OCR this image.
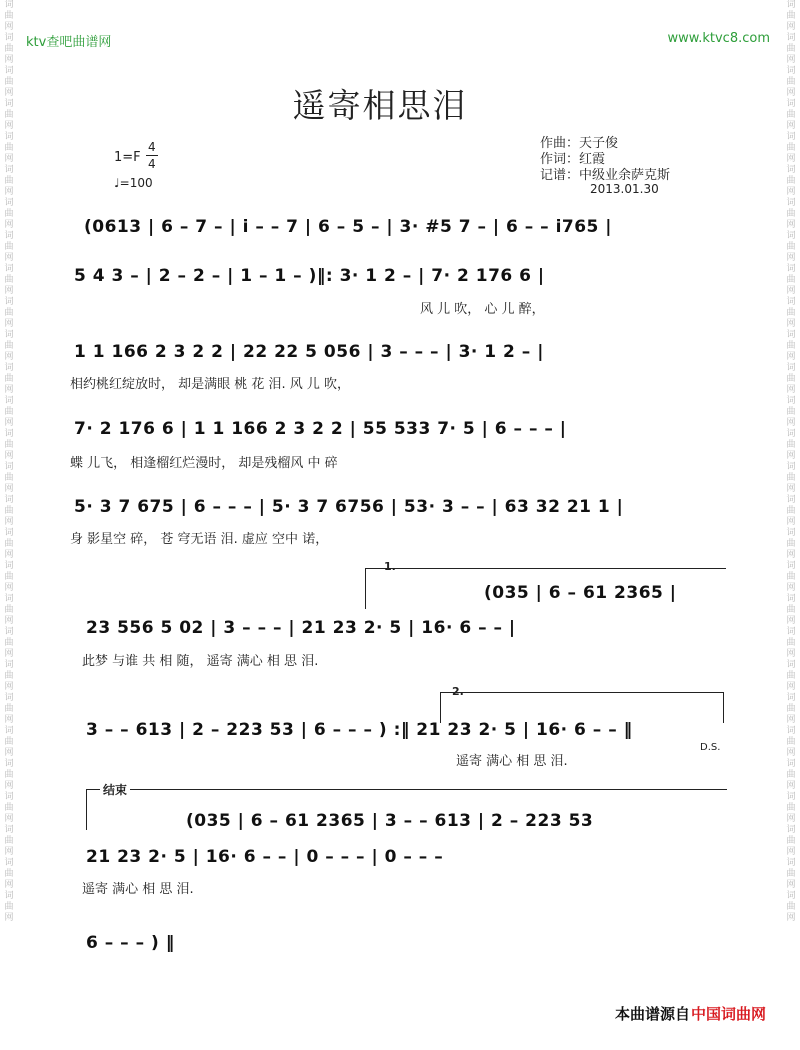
词
曲
网
词
曲
网
词
曲
网
词
曲
网
词
曲
网
词
曲
网
词
曲
网
词
曲
网
词
曲
网
词
曲
网
词
曲
网
词
曲
网
词
曲
网
词
曲
网
词
曲
网
词
曲
网
词
曲
网
词
曲
网
词
曲
网
词
曲
网
词
曲
网
词
曲
网
词
曲
网
词
曲
网
词
曲
网
词
曲
网
词
曲
网
词
曲
网
词
曲
网
词
曲
网
词
曲
网
词
曲
网
词
曲
网
词
曲
网
词
曲
网
词
曲
网
词
曲
网
词
曲
网
词
曲
网
词
曲
网
词
曲
网
词
曲
网
词
曲
网
词
曲
网
词
曲
网
词
曲
网
词
曲
网
词
曲
网
词
曲
网
词
曲
网
词
曲
网
词
曲
网
词
曲
网
词
曲
网
词
曲
网
词
曲
网
ktv查吧曲谱网	www.ktvc8.com
遥寄相思泪
1=F
4
4
♩=100
作曲：天子俊
作词：红霞
记谱：中级业余萨克斯
2013.01.30
(0613 | 6 – 7 – | i – – 7 | 6 – 5 – | 3· #5 7 – | 6 – – i765 |
5 4 3 – | 2 – 2 – | 1 – 1 – )‖: 3· 1 2 – | 7· 2 176 6 |
风 儿 吹， 心 儿 醉，
1 1 166 2 3 2 2 | 22 22 5 056 | 3 – – – | 3· 1 2 – |
相约桃红绽放时， 却是满眼 桃 花 泪. 风 儿 吹，
7· 2 176 6 | 1 1 166 2 3 2 2 | 55 533 7· 5 | 6 – – – |
蝶 儿飞， 相逢榴红烂漫时， 却是残榴风 中 碎
5· 3 7 675 | 6 – – – | 5· 3 7 6756 | 53· 3 – – | 63 32 21 1 |
身 影星空 碎， 苍 穹无语 泪. 虚应 空中 诺，
1.
(035 | 6 – 61 2365 |
23 556 5 02 | 3 – – – | 21 23 2· 5 | 16· 6 – – |
此梦 与谁 共 相 随， 遥寄 满心 相 思 泪.
2.
3 – – 613 | 2 – 223 53 | 6 – – – ) :‖ 21 23 2· 5 | 16· 6 – – ‖
遥寄 满心 相 思 泪.
D.S.
结束
(035 | 6 – 61 2365 | 3 – – 613 | 2 – 223 53
21 23 2· 5 | 16· 6 – – | 0 – – – | 0 – – –
遥寄 满心 相 思 泪.
6 – – – ) ‖
本曲谱源自 中国词曲网
